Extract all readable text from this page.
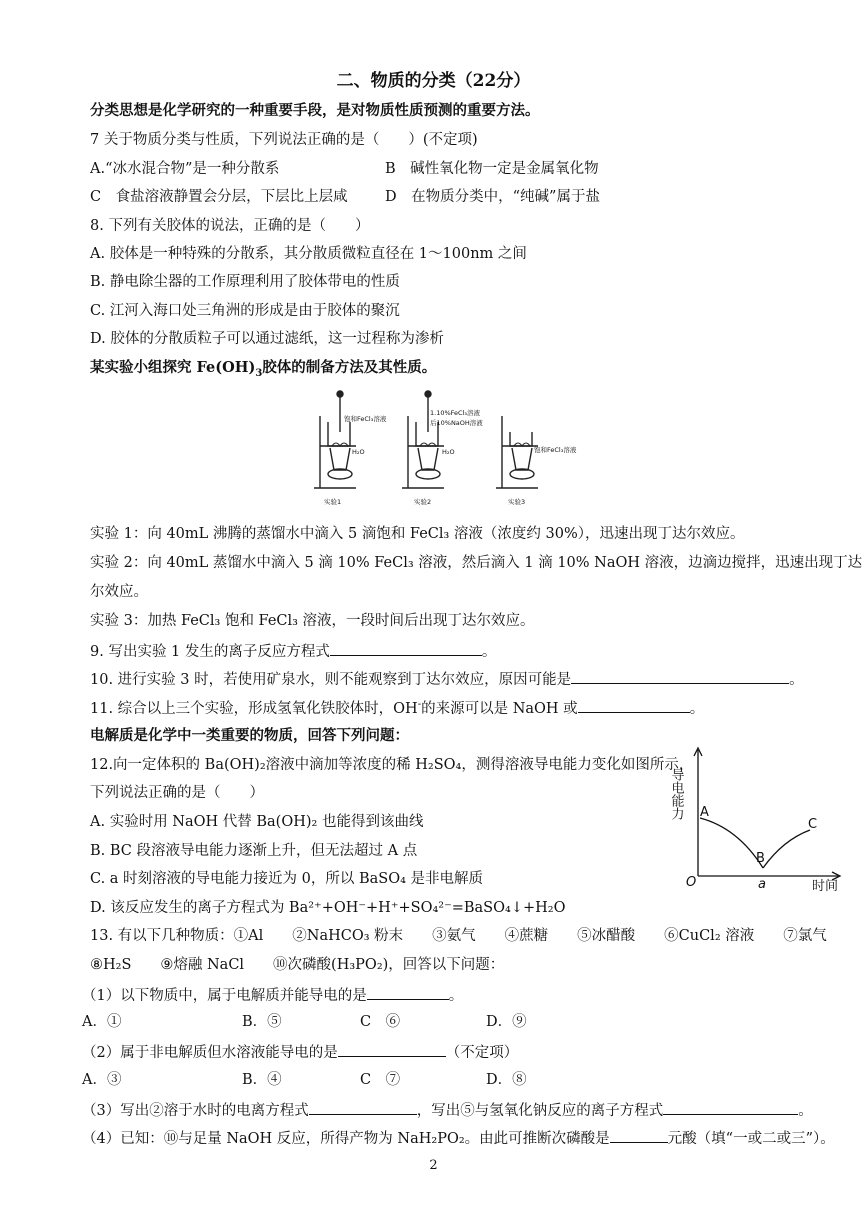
二、物质的分类（22分）
分类思想是化学研究的一种重要手段，是对物质性质预测的重要方法。
7 关于物质分类与性质，下列说法正确的是（　　）(不定项)
A.“冰水混合物”是一种分散系	B　碱性氧化物一定是金属氧化物
C　食盐溶液静置会分层，下层比上层咸	D　在物质分类中，“纯碱”属于盐
8. 下列有关胶体的说法，正确的是（　　）
A. 胶体是一种特殊的分散系，其分散质微粒直径在 1～100nm 之间
B. 静电除尘器的工作原理利用了胶体带电的性质
C. 江河入海口处三角洲的形成是由于胶体的聚沉
D. 胶体的分散质粒子可以通过滤纸，这一过程称为渗析
某实验小组探究 $Fe(OH)_3$胶体的制备方法及其性质。
饱和FeCl₃溶液
H₂O
1.10%FeCl₃溶液
后10%NaOH溶液
H₂O	饱和FeCl₃溶液
实验1	实验2	实验3
实验 1：向 40mL 沸腾的蒸馏水中滴入 5 滴饱和 FeCl₃ 溶液（浓度约 30%），迅速出现丁达尔效应。
实验 2：向 40mL 蒸馏水中滴入 5 滴 10% FeCl₃ 溶液，然后滴入 1 滴 10% NaOH 溶液，边滴边搅拌，迅速出现丁达
尔效应。
实验 3：加热 FeCl₃ 饱和 FeCl₃ 溶液，一段时间后出现丁达尔效应。
9. 写出实验 1 发生的离子反应方程式	。
10. 进行实验 3 时，若使用矿泉水，则不能观察到丁达尔效应，原因可能是	。
11. 综合以上三个实验，形成氢氧化铁胶体时，OH-的来源可以是 NaOH 或	。
电解质是化学中一类重要的物质，回答下列问题：
12.向一定体积的 Ba(OH)₂溶液中滴加等浓度的稀 H₂SO₄，测得溶液导电能力变化如图所示，
下列说法正确的是（　　）
A. 实验时用 NaOH 代替 Ba(OH)₂ 也能得到该曲线
B. BC 段溶液导电能力逐渐上升，但无法超过 A 点
C. a 时刻溶液的导电能力接近为 0，所以 BaSO₄ 是非电解质
D. 该反应发生的离子方程式为 Ba²⁺+OH⁻+H⁺+SO₄²⁻=BaSO₄↓+H₂O
导电能力 A
B
C
O	a	时间
13. 有以下几种物质：①Al　　②NaHCO₃ 粉末　　③氨气　　④蔗糖　　⑤冰醋酸　　⑥CuCl₂ 溶液　　⑦氯气
⑧H₂S　　⑨熔融 NaCl　　⑩次磷酸(H₃PO₂)，回答以下问题：
（1）以下物质中，属于电解质并能导电的是	。
A．①	B．⑤	C　⑥	D．⑨
（2）属于非电解质但水溶液能导电的是	（不定项）
A．③	B．④	C　⑦	D．⑧
（3）写出②溶于水时的电离方程式	，写出⑤与氢氧化钠反应的离子方程式	。
（4）已知：⑩与足量 NaOH 反应，所得产物为 NaH₂PO₂。由此可推断次磷酸是	元酸（填“一或二或三”）。
2
